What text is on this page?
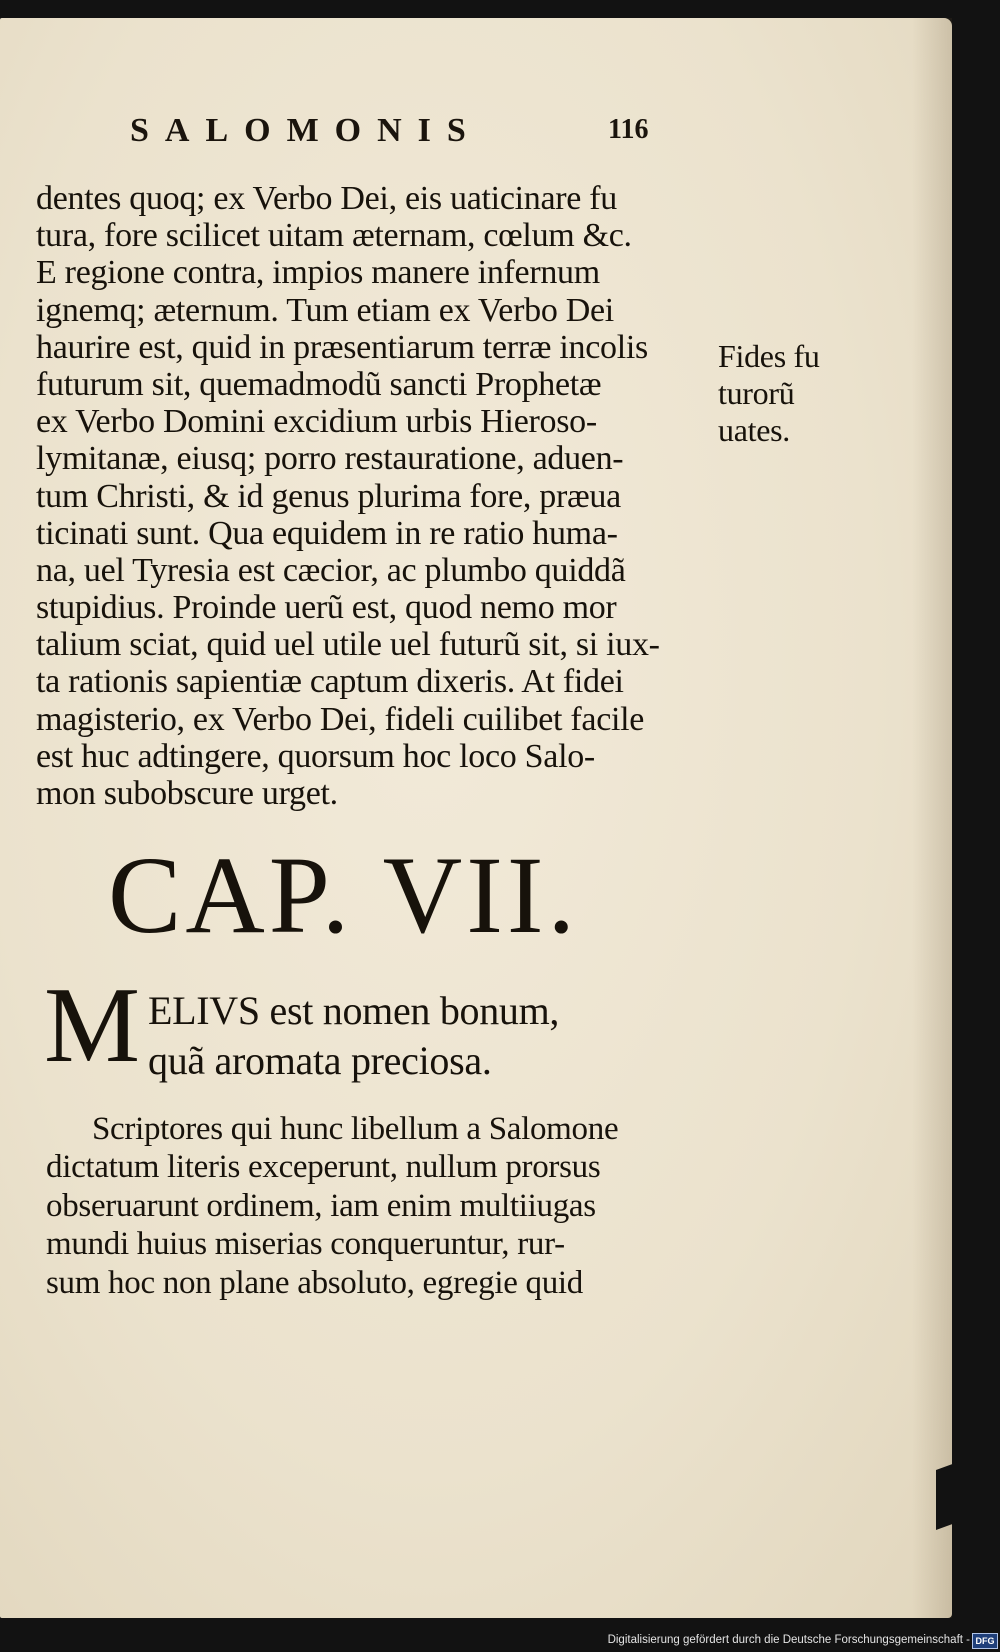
SALOMONIS	116
dentes quoq; ex Verbo Dei, eis uaticinare fu
tura, fore scilicet uitam æternam, cœlum &c.
E regione contra, impios manere infernum
ignemq; æternum. Tum etiam ex Verbo Dei
haurire est, quid in præsentiarum terræ incolis
futurum sit, quemadmodũ sancti Prophetæ
ex Verbo Domini excidium urbis Hieroso-
lymitanæ, eiusq; porro restauratione, aduen-
tum Christi, & id genus plurima fore, præua
ticinati sunt. Qua equidem in re ratio huma-
na, uel Tyresia est cæcior, ac plumbo quiddã
stupidius. Proinde uerũ est, quod nemo mor
talium sciat, quid uel utile uel futurũ sit, si iux-
ta rationis sapientiæ captum dixeris. At fidei
magisterio, ex Verbo Dei, fideli cuilibet facile
est huc adtingere, quorsum hoc loco Salo-
mon subobscure urget.
Fides fu
turorũ
uates.
CAP. VII.
M ELIVS est nomen bonum,
quã aromata preciosa.
Scriptores qui hunc libellum a Salomone
dictatum literis exceperunt, nullum prorsus
obseruarunt ordinem, iam enim multiiugas
mundi huius miserias conqueruntur, rur-
sum hoc non plane absoluto, egregie quid
Digitalisierung gefördert durch die Deutsche Forschungsgemeinschaft - DFG
